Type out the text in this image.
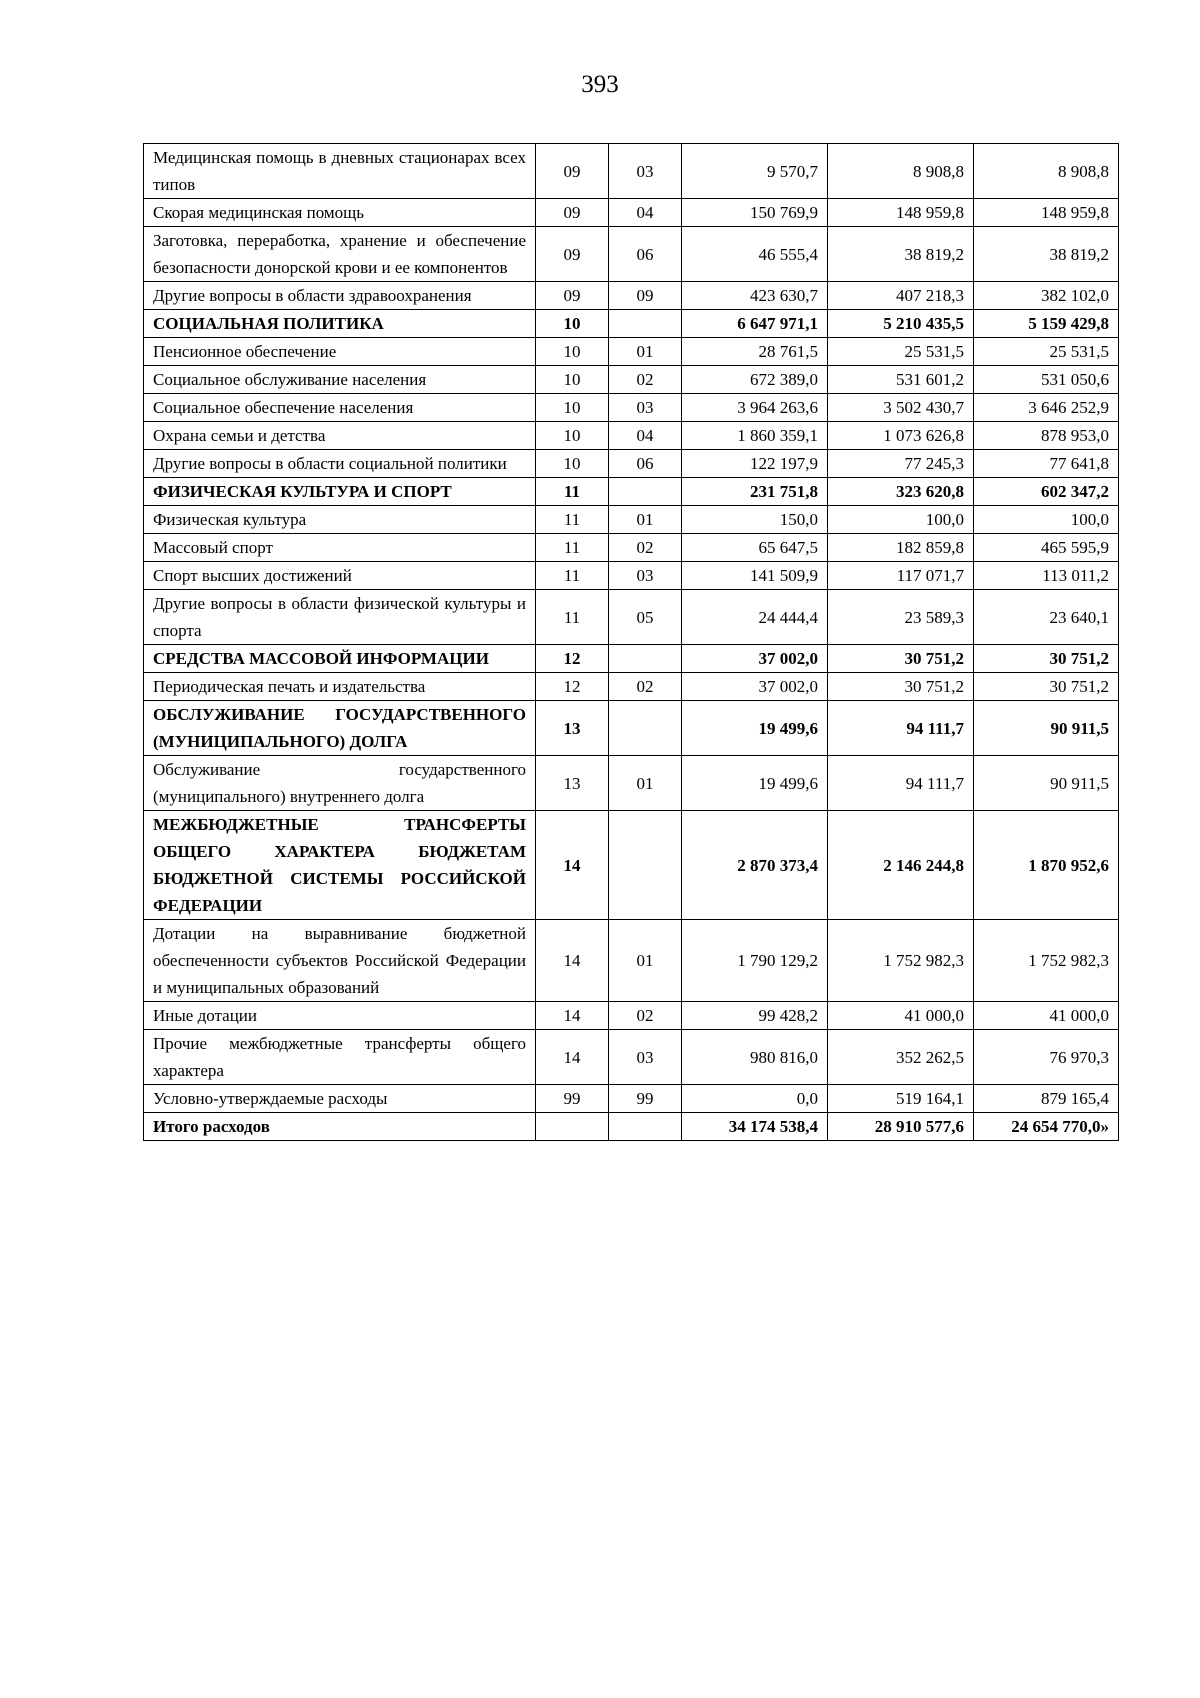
393
Медицинская помощь в дневных стационарах всех типов	09	03	9 570,7	8 908,8	8 908,8
Скорая медицинская помощь	09	04	150 769,9	148 959,8	148 959,8
Заготовка, переработка, хранение и обеспечение безопасности донорской крови и ее компонентов	09	06	46 555,4	38 819,2	38 819,2
Другие вопросы в области здравоохранения	09	09	423 630,7	407 218,3	382 102,0
СОЦИАЛЬНАЯ ПОЛИТИКА	10		6 647 971,1	5 210 435,5	5 159 429,8
Пенсионное обеспечение	10	01	28 761,5	25 531,5	25 531,5
Социальное обслуживание населения	10	02	672 389,0	531 601,2	531 050,6
Социальное обеспечение населения	10	03	3 964 263,6	3 502 430,7	3 646 252,9
Охрана семьи и детства	10	04	1 860 359,1	1 073 626,8	878 953,0
Другие вопросы в области социальной политики	10	06	122 197,9	77 245,3	77 641,8
ФИЗИЧЕСКАЯ КУЛЬТУРА И СПОРТ	11		231 751,8	323 620,8	602 347,2
Физическая культура	11	01	150,0	100,0	100,0
Массовый спорт	11	02	65 647,5	182 859,8	465 595,9
Спорт высших достижений	11	03	141 509,9	117 071,7	113 011,2
Другие вопросы в области физической культуры и спорта	11	05	24 444,4	23 589,3	23 640,1
СРЕДСТВА МАССОВОЙ ИНФОРМАЦИИ	12		37 002,0	30 751,2	30 751,2
Периодическая печать и издательства	12	02	37 002,0	30 751,2	30 751,2
ОБСЛУЖИВАНИЕ ГОСУДАРСТВЕННОГО (МУНИЦИПАЛЬНОГО) ДОЛГА	13		19 499,6	94 111,7	90 911,5
Обслуживание государственного (муниципального) внутреннего долга	13	01	19 499,6	94 111,7	90 911,5
МЕЖБЮДЖЕТНЫЕ ТРАНСФЕРТЫ ОБЩЕГО ХАРАКТЕРА БЮДЖЕТАМ БЮДЖЕТНОЙ СИСТЕМЫ РОССИЙСКОЙ ФЕДЕРАЦИИ	14		2 870 373,4	2 146 244,8	1 870 952,6
Дотации на выравнивание бюджетной обеспеченности субъектов Российской Федерации и муниципальных образований	14	01	1 790 129,2	1 752 982,3	1 752 982,3
Иные дотации	14	02	99 428,2	41 000,0	41 000,0
Прочие межбюджетные трансферты общего характера	14	03	980 816,0	352 262,5	76 970,3
Условно-утверждаемые расходы	99	99	0,0	519 164,1	879 165,4
Итого расходов			34 174 538,4	28 910 577,6	24 654 770,0»
